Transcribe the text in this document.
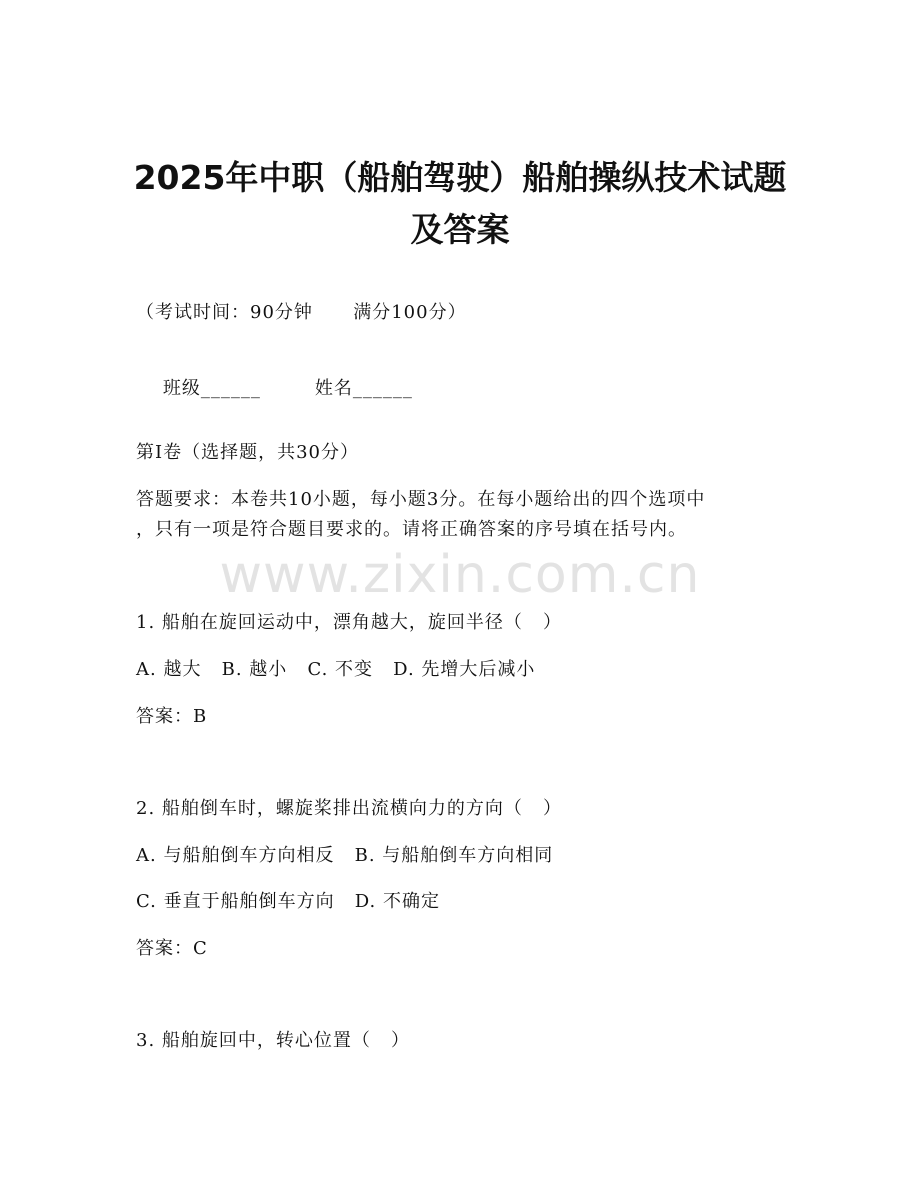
2025年中职（船舶驾驶）船舶操纵技术试题
及答案
（考试时间：90分钟      满分100分）

班级______	姓名______

第I卷（选择题，共30分）
答题要求：本卷共10小题，每小题3分。在每小题给出的四个选项中
，只有一项是符合题目要求的。请将正确答案的序号填在括号内。
www.zixin.com.cn
1. 船舶在旋回运动中，漂角越大，旋回半径（   ）
A. 越大   B. 越小   C. 不变   D. 先增大后减小
答案：B
2. 船舶倒车时，螺旋桨排出流横向力的方向（   ）
A. 与船舶倒车方向相反   B. 与船舶倒车方向相同
C. 垂直于船舶倒车方向   D. 不确定
答案：C
3. 船舶旋回中，转心位置（   ）
